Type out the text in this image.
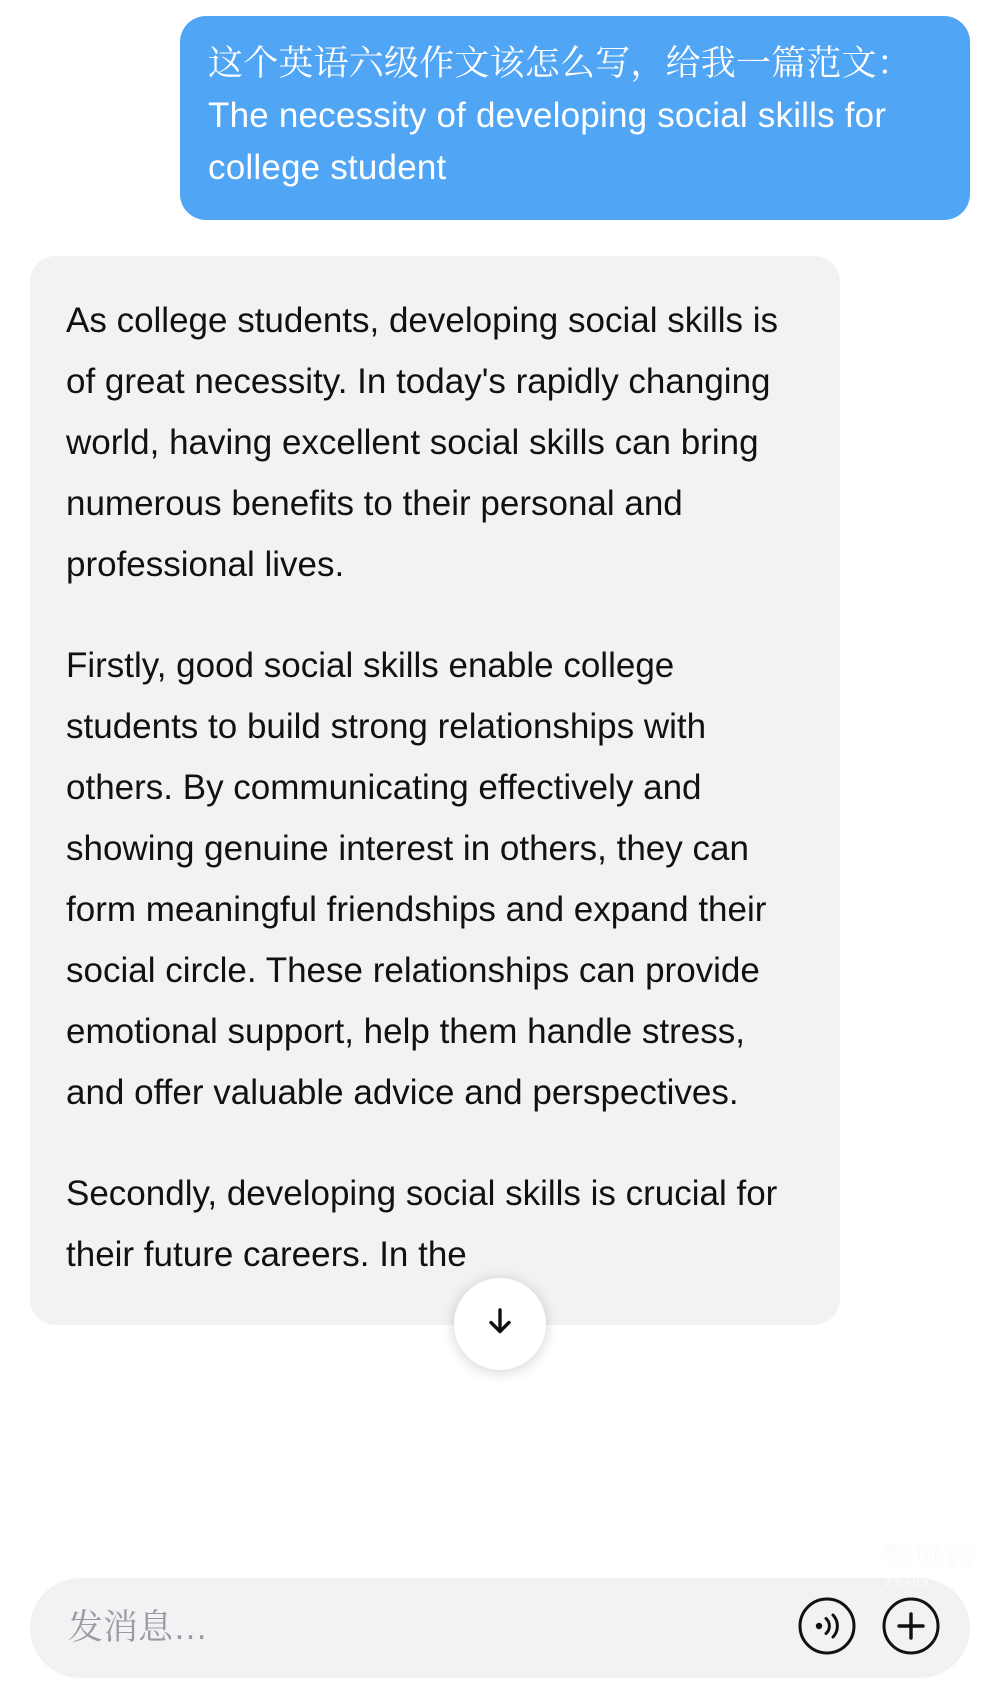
这个英语六级作文该怎么写，给我一篇范文：The necessity of developing social skills for college student

As college students, developing social skills is of great necessity. In today's rapidly changing world, having excellent social skills can bring numerous benefits to their personal and professional lives.

Firstly, good social skills enable college students to build strong relationships with others. By communicating effectively and showing genuine interest in others, they can form meaningful friendships and expand their social circle. These relationships can provide emotional support, help them handle stress, and offer valuable advice and perspectives.

Secondly, developing social skills is crucial for their future careers. In the

发消息…
智東西
zhidx.com
